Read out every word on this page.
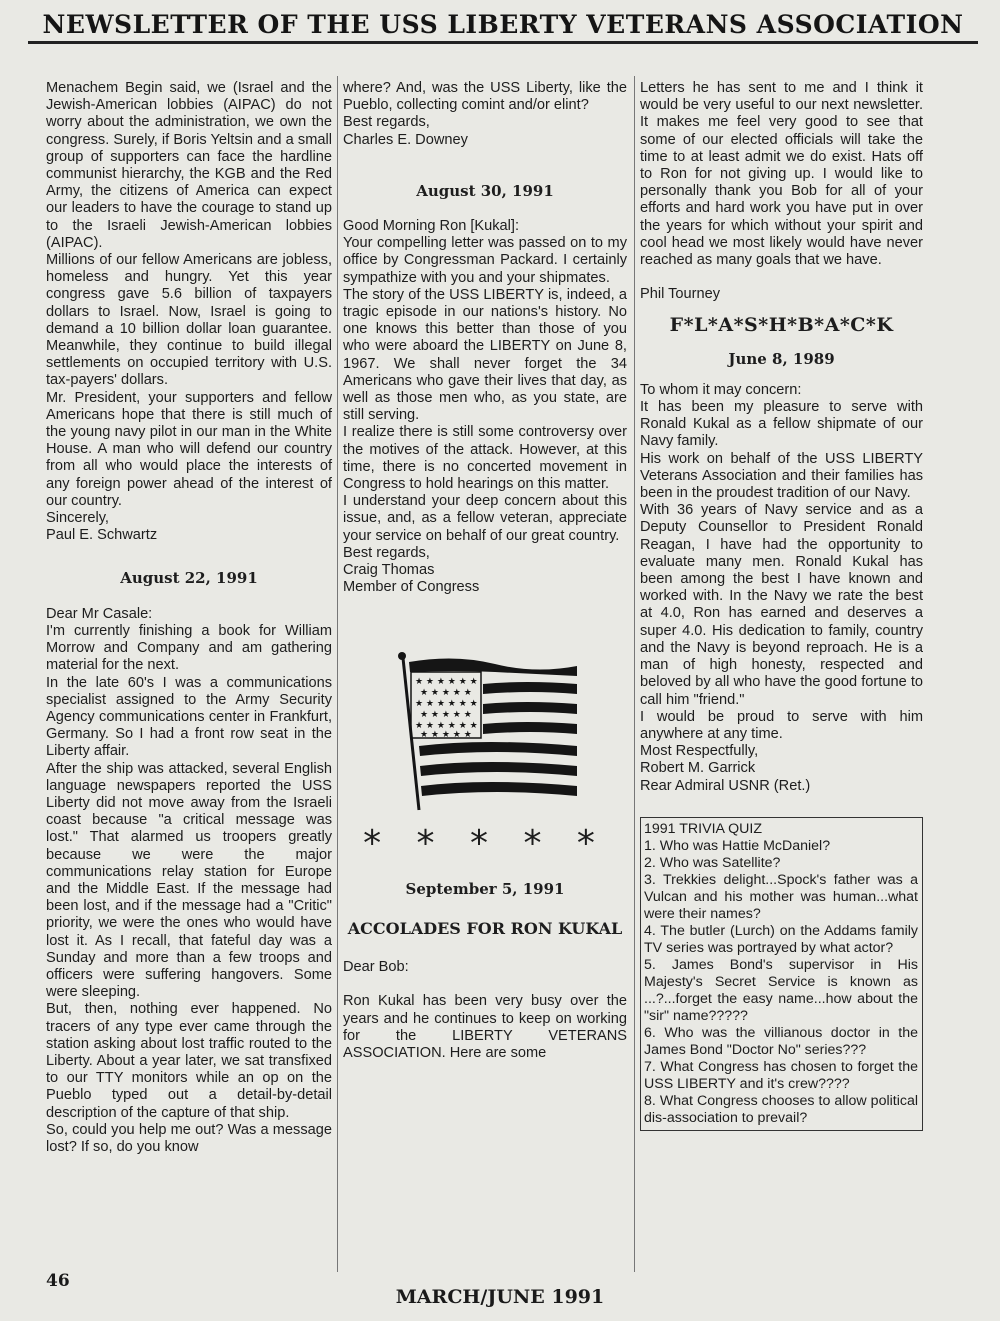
NEWSLETTER OF THE USS LIBERTY VETERANS ASSOCIATION

Menachem Begin said, we (Israel and the Jewish-American lobbies (AIPAC) do not worry about the administration, we own the congress. Surely, if Boris Yeltsin and a small group of supporters can face the hardline communist hierarchy, the KGB and the Red Army, the citizens of America can expect our leaders to have the courage to stand up to the Israeli Jewish-American lobbies (AIPAC).

Millions of our fellow Americans are jobless, homeless and hungry. Yet this year congress gave 5.6 billion of taxpayers dollars to Israel. Now, Israel is going to demand a 10 billion dollar loan guarantee. Meanwhile, they continue to build illegal settlements on occupied territory with U.S. tax-payers' dollars.

Mr. President, your supporters and fellow Americans hope that there is still much of the young navy pilot in our man in the White House. A man who will defend our country from all who would place the interests of any foreign power ahead of the interest of our country.

Sincerely,

Paul E. Schwartz

August 22, 1991

Dear Mr Casale:

I'm currently finishing a book for William Morrow and Company and am gathering material for the next.

In the late 60's I was a communications specialist assigned to the Army Security Agency communications center in Frankfurt, Germany. So I had a front row seat in the Liberty affair.

After the ship was attacked, several English language newspapers reported the USS Liberty did not move away from the Israeli coast because "a critical message was lost." That alarmed us troopers greatly because we were the major communications relay station for Europe and the Middle East. If the message had been lost, and if the message had a "Critic" priority, we were the ones who would have lost it. As I recall, that fateful day was a Sunday and more than a few troops and officers were suffering hangovers. Some were sleeping.

But, then, nothing ever happened. No tracers of any type ever came through the station asking about lost traffic routed to the Liberty. About a year later, we sat transfixed to our TTY monitors while an op on the Pueblo typed out a detail-by-detail description of the capture of that ship.

So, could you help me out? Was a message lost? If so, do you know

where? And, was the USS Liberty, like the Pueblo, collecting comint and/or elint?

Best regards,

Charles E. Downey

August 30, 1991

Good Morning Ron [Kukal]:

Your compelling letter was passed on to my office by Congressman Packard. I certainly sympathize with you and your shipmates.

The story of the USS LIBERTY is, indeed, a tragic episode in our nations's history. No one knows this better than those of you who were aboard the LIBERTY on June 8, 1967. We shall never forget the 34 Americans who gave their lives that day, as well as those men who, as you state, are still serving.

I realize there is still some controversy over the motives of the attack. However, at this time, there is no concerted movement in Congress to hold hearings on this matter.

I understand your deep concern about this issue, and, as a fellow veteran, appreciate your service on behalf of our great country.

Best regards,

Craig Thomas

Member of Congress

★ ★ ★ ★ ★ ★
★ ★ ★ ★ ★
★ ★ ★ ★ ★ ★
★ ★ ★ ★ ★
★ ★ ★ ★ ★ ★
★ ★ ★ ★ ★
* * * * *
September 5, 1991
ACCOLADES FOR RON KUKAL

Dear Bob:

Ron Kukal has been very busy over the years and he continues to keep on working for the LIBERTY VETERANS ASSOCIATION. Here are some

Letters he has sent to me and I think it would be very useful to our next newsletter. It makes me feel very good to see that some of our elected officials will take the time to at least admit we do exist. Hats off to Ron for not giving up. I would like to personally thank you Bob for all of your efforts and hard work you have put in over the years for which without your spirit and cool head we most likely would have never reached as many goals that we have.

Phil Tourney

F*L*A*S*H*B*A*C*K
June 8, 1989

To whom it may concern:

It has been my pleasure to serve with Ronald Kukal as a fellow shipmate of our Navy family.

His work on behalf of the USS LIBERTY Veterans Association and their families has been in the proudest tradition of our Navy.

With 36 years of Navy service and as a Deputy Counsellor to President Ronald Reagan, I have had the opportunity to evaluate many men. Ronald Kukal has been among the best I have known and worked with. In the Navy we rate the best at 4.0, Ron has earned and deserves a super 4.0. His dedication to family, country and the Navy is beyond reproach. He is a man of high honesty, respected and beloved by all who have the good fortune to call him "friend."

I would be proud to serve with him anywhere at any time.

Most Respectfully,

Robert M. Garrick

Rear Admiral USNR (Ret.)

1991 TRIVIA QUIZ

1. Who was Hattie McDaniel?

2. Who was Satellite?

3. Trekkies delight...Spock's father was a Vulcan and his mother was human...what were their names?

4. The butler (Lurch) on the Addams family TV series was portrayed by what actor?

5. James Bond's supervisor in His Majesty's Secret Service is known as ...?...forget the easy name...how about the "sir" name?????

6. Who was the villianous doctor in the James Bond "Doctor No" series???

7. What Congress has chosen to forget the USS LIBERTY and it's crew????

8. What Congress chooses to allow political dis-association to prevail?

46
MARCH/JUNE 1991
